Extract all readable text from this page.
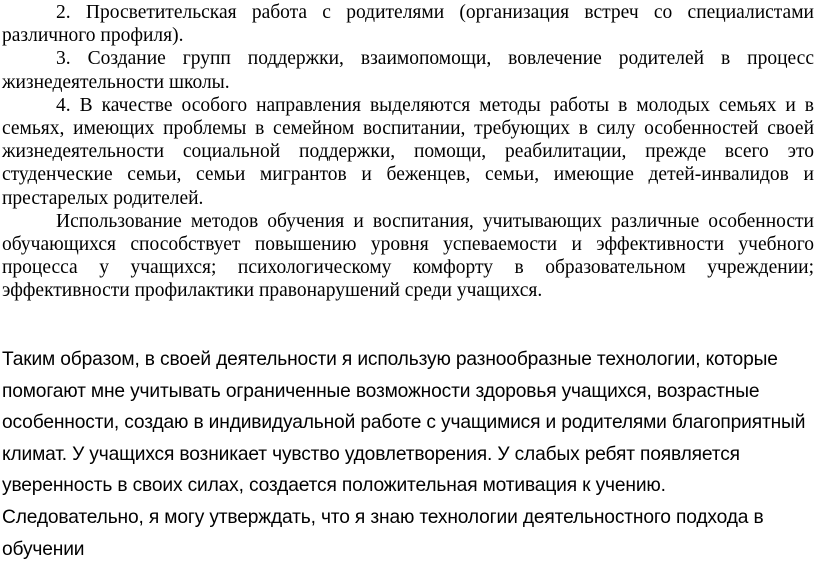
2. Просветительская работа с родителями (организация встреч со специалистами различного профиля).

3. Создание групп поддержки, взаимопомощи, вовлечение родителей в процесс жизнедеятельности школы.

4. В качестве особого направления выделяются методы работы в молодых семьях и в семьях, имеющих проблемы в семейном воспитании, требующих в силу особенностей своей жизнедеятельности социальной поддержки, помощи, реабилитации, прежде всего это студенческие семьи, семьи мигрантов и беженцев, семьи, имеющие детей-инвалидов и престарелых родителей.

Использование методов обучения и воспитания, учитывающих различные особенности обучающихся способствует повышению уровня успеваемости и эффективности учебного процесса у учащихся; психологическому комфорту в образовательном учреждении; эффективности профилактики правонарушений среди учащихся.

Таким образом, в своей деятельности я использую разнообразные технологии, которые помогают мне учитывать ограниченные возможности здоровья учащихся, возрастные особенности, создаю в индивидуальной работе с учащимися и родителями благоприятный климат. У учащихся возникает чувство удовлетворения. У слабых ребят появляется уверенность в своих силах, создается положительная мотивация к учению. Следовательно, я могу утверждать, что я знаю технологии деятельностного подхода в обучении
